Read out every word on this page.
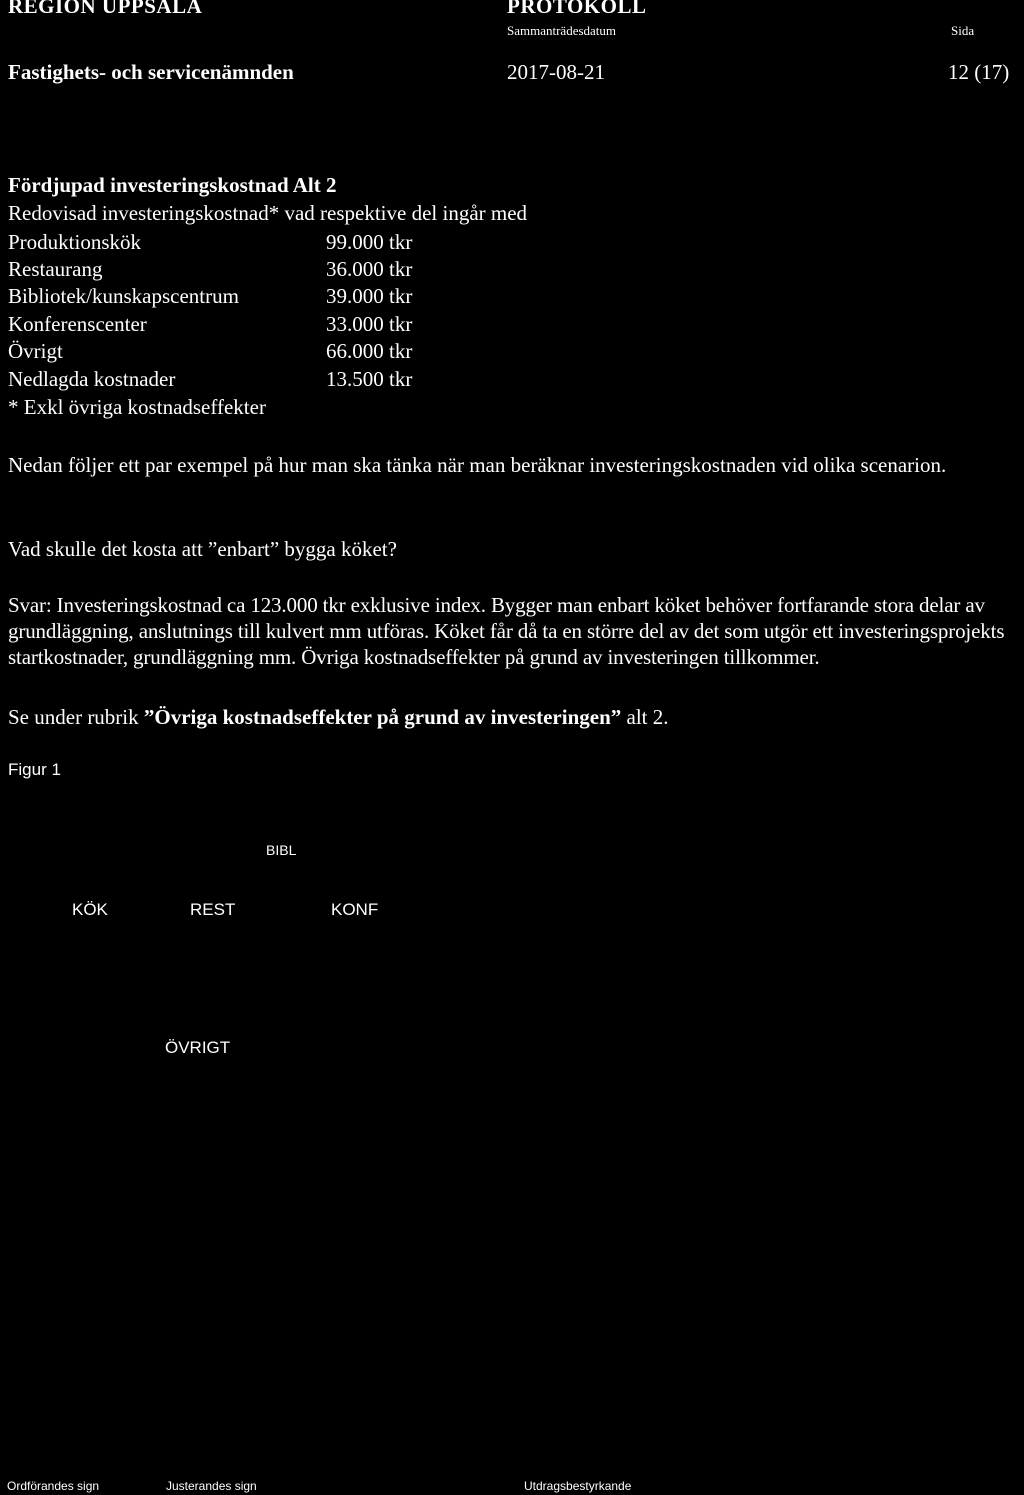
REGION UPPSALA	PROTOKOLL
Sammanträdesdatum	Sida
Fastighets- och servicenämnden	2017-08-21	12 (17)
Fördjupad investeringskostnad Alt 2
Redovisad investeringskostnad* vad respektive del ingår med
Produktionskök	99.000 tkr
Restaurang	36.000 tkr
Bibliotek/kunskapscentrum	39.000 tkr
Konferenscenter	33.000 tkr
Övrigt	66.000 tkr
Nedlagda kostnader	13.500 tkr
* Exkl övriga kostnadseffekter
Nedan följer ett par exempel på hur man ska tänka när man beräknar investeringskostnaden vid olika scenarion.
Vad skulle det kosta att ”enbart” bygga köket?
Svar: Investeringskostnad ca 123.000 tkr exklusive index. Bygger man enbart köket behöver fortfarande stora delar av grundläggning, anslutnings till kulvert mm utföras. Köket får då ta en större del av det som utgör ett investeringsprojekts startkostnader, grundläggning mm. Övriga kostnadseffekter på grund av investeringen tillkommer.
Se under rubrik ”Övriga kostnadseffekter på grund av investeringen” alt 2.
Figur 1
BIBL
KÖK	REST	KONF
ÖVRIGT
Ordförandes sign	Justerandes sign	Utdragsbestyrkande
